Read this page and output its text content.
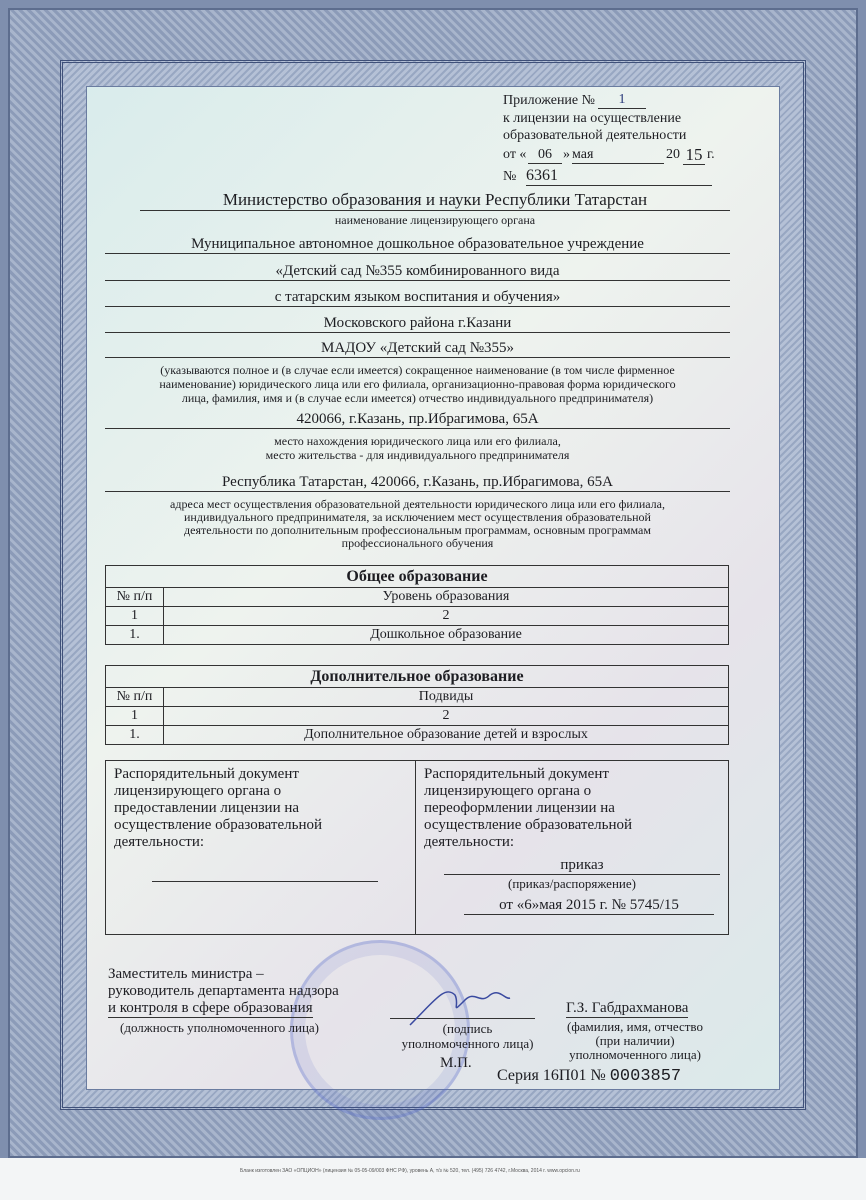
Приложение №	1
к лицензии на осуществление
образовательной деятельности
от « 06 » мая	20 15 г.
№ 6361
Министерство образования и науки Республики Татарстан
наименование лицензирующего органа
Муниципальное автономное дошкольное образовательное учреждение
«Детский сад №355 комбинированного вида
с татарским языком воспитания и обучения»
Московского района г.Казани
МАДОУ «Детский сад №355»
(указываются полное и (в случае если имеется) сокращенное наименование (в том числе фирменное
наименование) юридического лица или его филиала, организационно-правовая форма юридического
лица, фамилия, имя и (в случае если имеется) отчество индивидуального предпринимателя)
420066, г.Казань, пр.Ибрагимова, 65А
место нахождения юридического лица или его филиала,
место жительства - для индивидуального предпринимателя
Республика Татарстан, 420066, г.Казань, пр.Ибрагимова, 65А
адреса мест осуществления образовательной деятельности юридического лица или его филиала,
индивидуального предпринимателя, за исключением мест осуществления образовательной
деятельности по дополнительным профессиональным программам, основным программам
профессионального обучения
Общее образование	
№ п/п	Уровень образования
1	2
1.	Дошкольное образование
Дополнительное образование	
№ п/п	Подвиды
1	2
1.	Дополнительное образование детей и взрослых
Распорядительный документ
лицензирующего органа о
предоставлении лицензии на
осуществление образовательной
деятельности:
Распорядительный документ
лицензирующего органа о
переоформлении лицензии на
осуществление образовательной
деятельности:
приказ
(приказ/распоряжение)
от «6»мая 2015 г. № 5745/15
Заместитель министра –
руководитель департамента надзора
и контроля в сфере образования
(должность уполномоченного лица)	(подпись
уполномоченного лица)
М.П.
Г.З. Габдрахманова
(фамилия, имя, отчество
(при наличии)
уполномоченного лица)
Серия 16П01 № 0003857
Бланк изготовлен ЗАО «ОПЦИОН» (лицензия № 05-05-09/003 ФНС РФ), уровень А, т/з № 520, тел. (495) 726 4742, г.Москва, 2014 г. www.opcion.ru
